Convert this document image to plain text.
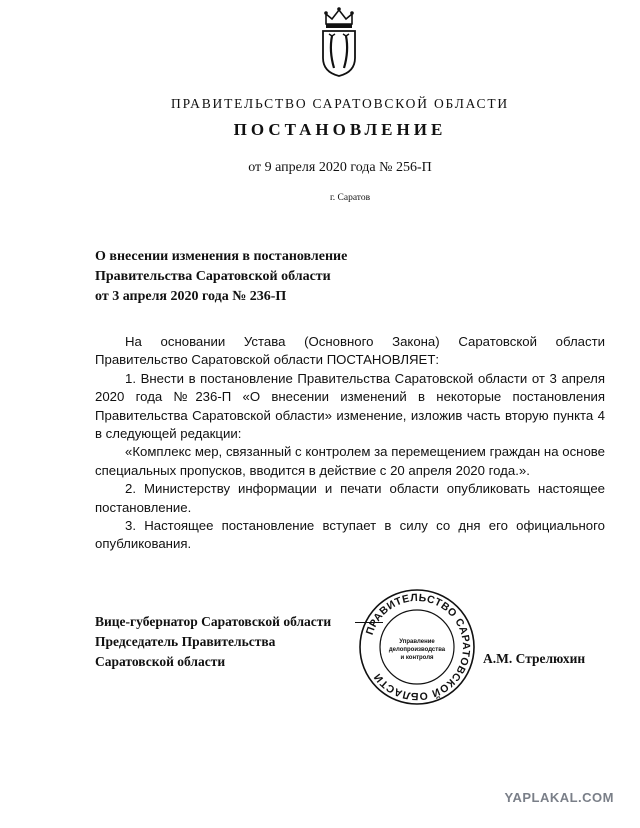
ПРАВИТЕЛЬСТВО САРАТОВСКОЙ ОБЛАСТИ
ПОСТАНОВЛЕНИЕ
от 9 апреля 2020 года № 256-П
г. Саратов
О внесении изменения в постановление
Правительства Саратовской области
от 3 апреля 2020 года № 236-П

На основании Устава (Основного Закона) Саратовской области Правительство Саратовской области ПОСТАНОВЛЯЕТ:

1. Внести в постановление Правительства Саратовской области от 3 апреля 2020 года №236-П «О внесении изменений в некоторые постановления Правительства Саратовской области» изменение, изложив часть вторую пункта 4 в следующей редакции:

«Комплекс мер, связанный с контролем за перемещением граждан на основе специальных пропусков, вводится в действие с 20 апреля 2020 года.».

2. Министерству информации и печати области опубликовать настоящее постановление.

3. Настоящее постановление вступает в силу со дня его официального опубликования.

Вице-губернатор Саратовской области
Председатель Правительства
Саратовской области
ПРАВИТЕЛЬСТВО САРАТОВСКОЙ ОБЛАСТИ
Управление
делопроизводства
и контроля	А.М. Стрелюхин
YAPLAKAL.COM
